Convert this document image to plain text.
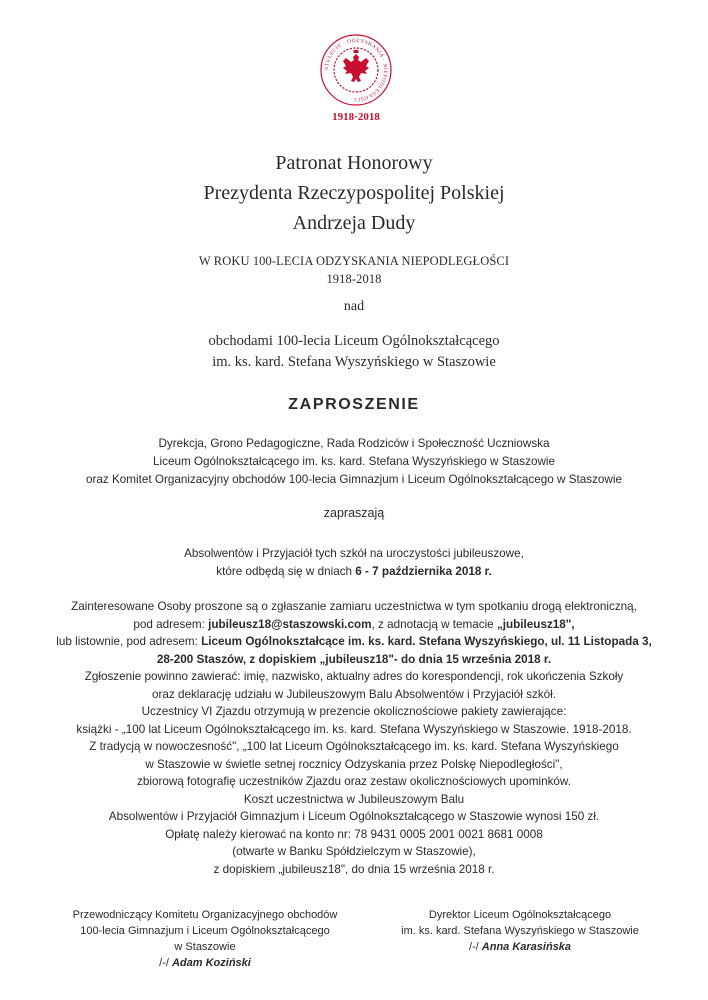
STULECIE · ODZYSKANIA · NIEPODLEGŁOŚCI
1918·2018
Patronat Honorowy
Prezydenta Rzeczypospolitej Polskiej
Andrzeja Dudy
W ROKU 100-LECIA ODZYSKANIA NIEPODLEGŁOŚCI
1918-2018
nad
obchodami 100-lecia Liceum Ogólnokształcącego
im. ks. kard. Stefana Wyszyńskiego w Staszowie
ZAPROSZENIE

Dyrekcja, Grono Pedagogiczne, Rada Rodziców i Społeczność Uczniowska

Liceum Ogólnokształcącego im. ks. kard. Stefana Wyszyńskiego w Staszowie

oraz Komitet Organizacyjny obchodów 100-lecia Gimnazjum i Liceum Ogólnokształcącego w Staszowie

zapraszają

Absolwentów i Przyjaciół tych szkół na uroczystości jubileuszowe,

które odbędą się w dniach 6 - 7 października 2018 r.

Zainteresowane Osoby proszone są o zgłaszanie zamiaru uczestnictwa w tym spotkaniu drogą elektroniczną,

pod adresem: jubileusz18@staszowski.com, z adnotacją w temacie „jubileusz18",

lub listownie, pod adresem: Liceum Ogólnokształcące im. ks. kard. Stefana Wyszyńskiego, ul. 11 Listopada 3,

28-200 Staszów, z dopiskiem „jubileusz18"- do dnia 15 września 2018 r.

Zgłoszenie powinno zawierać: imię, nazwisko, aktualny adres do korespondencji, rok ukończenia Szkoły

oraz deklarację udziału w Jubileuszowym Balu Absolwentów i Przyjaciół szkół.

Uczestnicy VI Zjazdu otrzymują w prezencie okolicznościowe pakiety zawierające:

książki - „100 lat Liceum Ogólnokształcącego im. ks. kard. Stefana Wyszyńskiego w Staszowie. 1918-2018.

Z tradycją w nowoczesność", „100 lat Liceum Ogólnokształcącego im. ks. kard. Stefana Wyszyńskiego

w Staszowie w świetle setnej rocznicy Odzyskania przez Polskę Niepodległości",

zbiorową fotografię uczestników Zjazdu oraz zestaw okolicznościowych upominków.

Koszt uczestnictwa w Jubileuszowym Balu

Absolwentów i Przyjaciół Gimnazjum i Liceum Ogólnokształcącego w Staszowie wynosi 150 zł.

Opłatę należy kierować na konto nr: 78 9431 0005 2001 0021 8681 0008

(otwarte w Banku Spółdzielczym w Staszowie),

z dopiskiem „jubileusz18", do dnia 15 września 2018 r.

Przewodniczący Komitetu Organizacyjnego obchodów
100-lecia Gimnazjum i Liceum Ogólnokształcącego
w Staszowie
/-/ Adam Koziński
Dyrektor Liceum Ogólnokształcącego
im. ks. kard. Stefana Wyszyńskiego w Staszowie
/-/ Anna Karasińska
